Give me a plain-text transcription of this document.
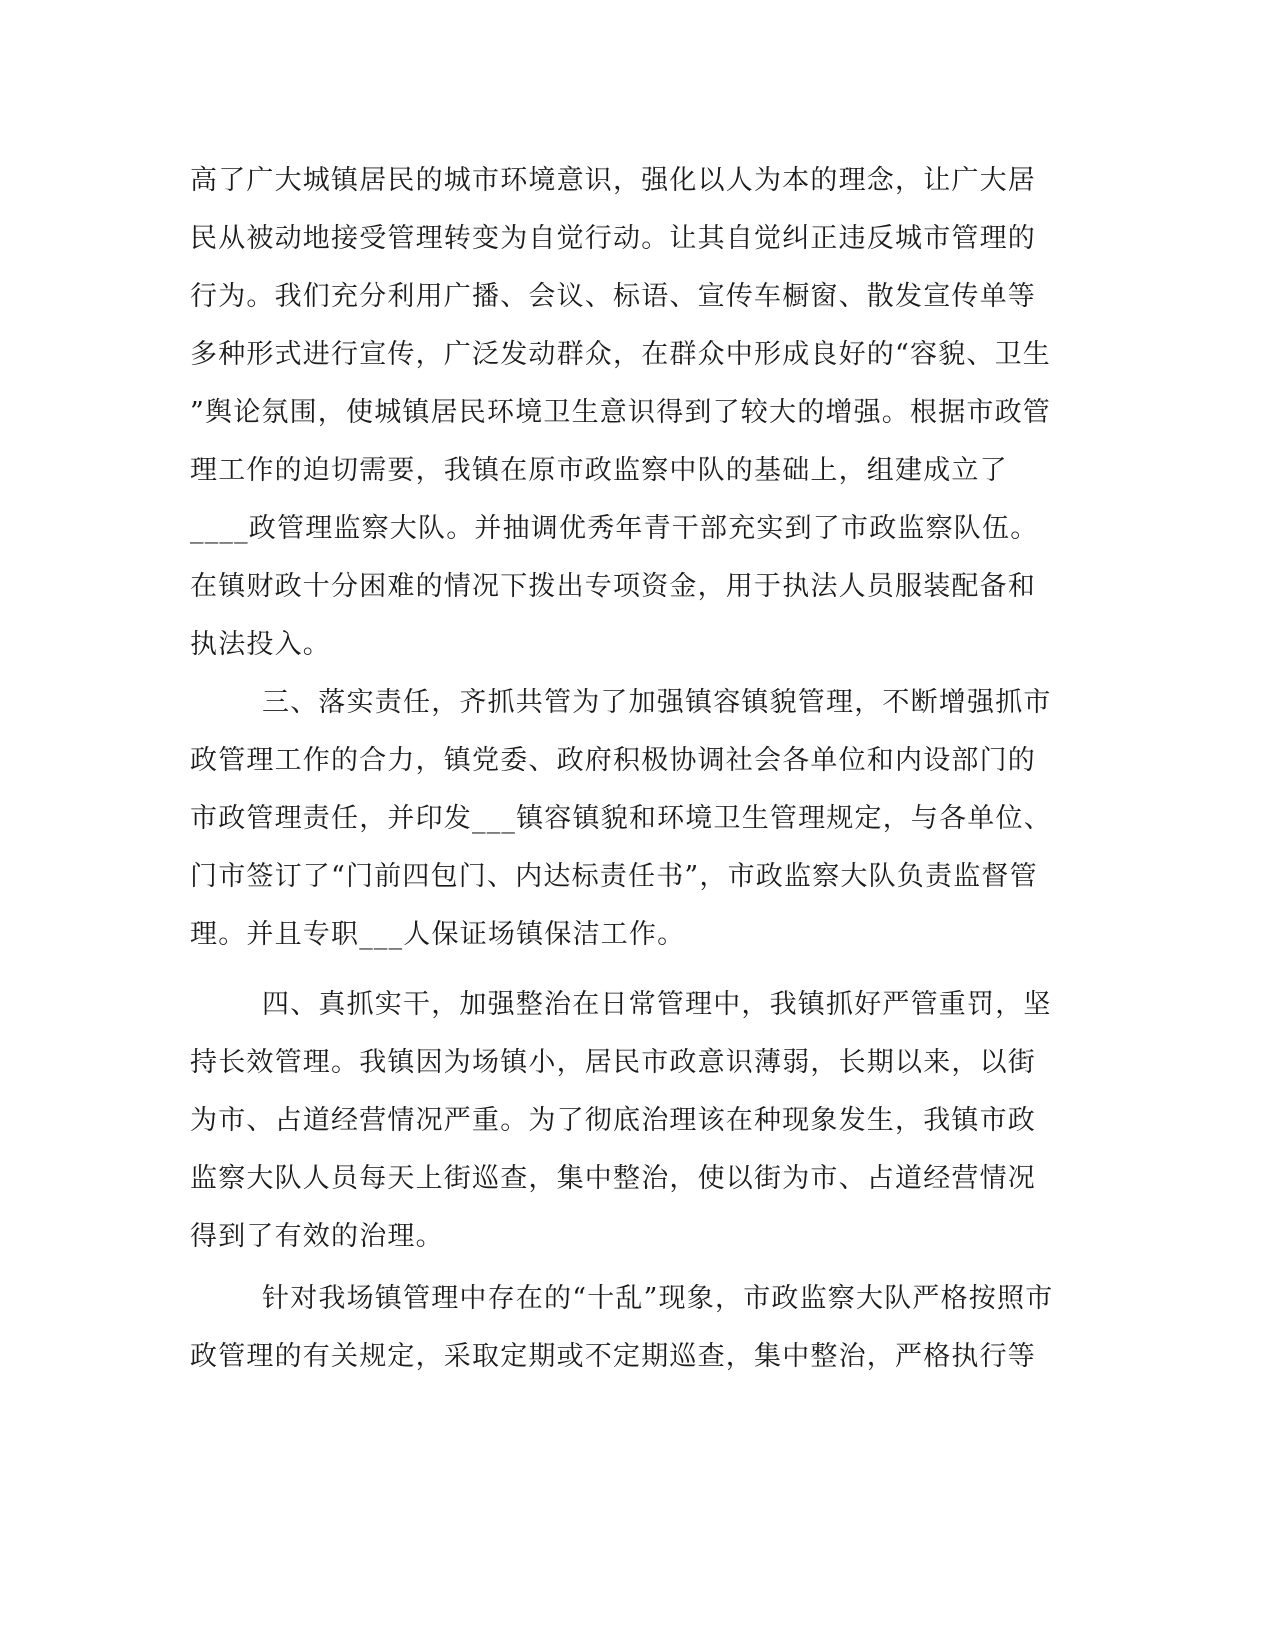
高了广大城镇居民的城市环境意识，强化以人为本的理念，让广大居

民从被动地接受管理转变为自觉行动。让其自觉纠正违反城市管理的

行为。我们充分利用广播、会议、标语、宣传车橱窗、散发宣传单等

多种形式进行宣传，广泛发动群众，在群众中形成良好的“容貌、卫生

”舆论氛围，使城镇居民环境卫生意识得到了较大的增强。根据市政管

理工作的迫切需要，我镇在原市政监察中队的基础上，组建成立了

____政管理监察大队。并抽调优秀年青干部充实到了市政监察队伍。

在镇财政十分困难的情况下拨出专项资金，用于执法人员服装配备和

执法投入。

三、落实责任，齐抓共管为了加强镇容镇貌管理，不断增强抓市

政管理工作的合力，镇党委、政府积极协调社会各单位和内设部门的

市政管理责任，并印发___镇容镇貌和环境卫生管理规定，与各单位、

门市签订了“门前四包门、内达标责任书”，市政监察大队负责监督管

理。并且专职___人保证场镇保洁工作。

四、真抓实干，加强整治在日常管理中，我镇抓好严管重罚，坚

持长效管理。我镇因为场镇小，居民市政意识薄弱，长期以来，以街

为市、占道经营情况严重。为了彻底治理该在种现象发生，我镇市政

监察大队人员每天上街巡查，集中整治，使以街为市、占道经营情况

得到了有效的治理。

针对我场镇管理中存在的“十乱”现象，市政监察大队严格按照市

政管理的有关规定，采取定期或不定期巡查，集中整治，严格执行等
